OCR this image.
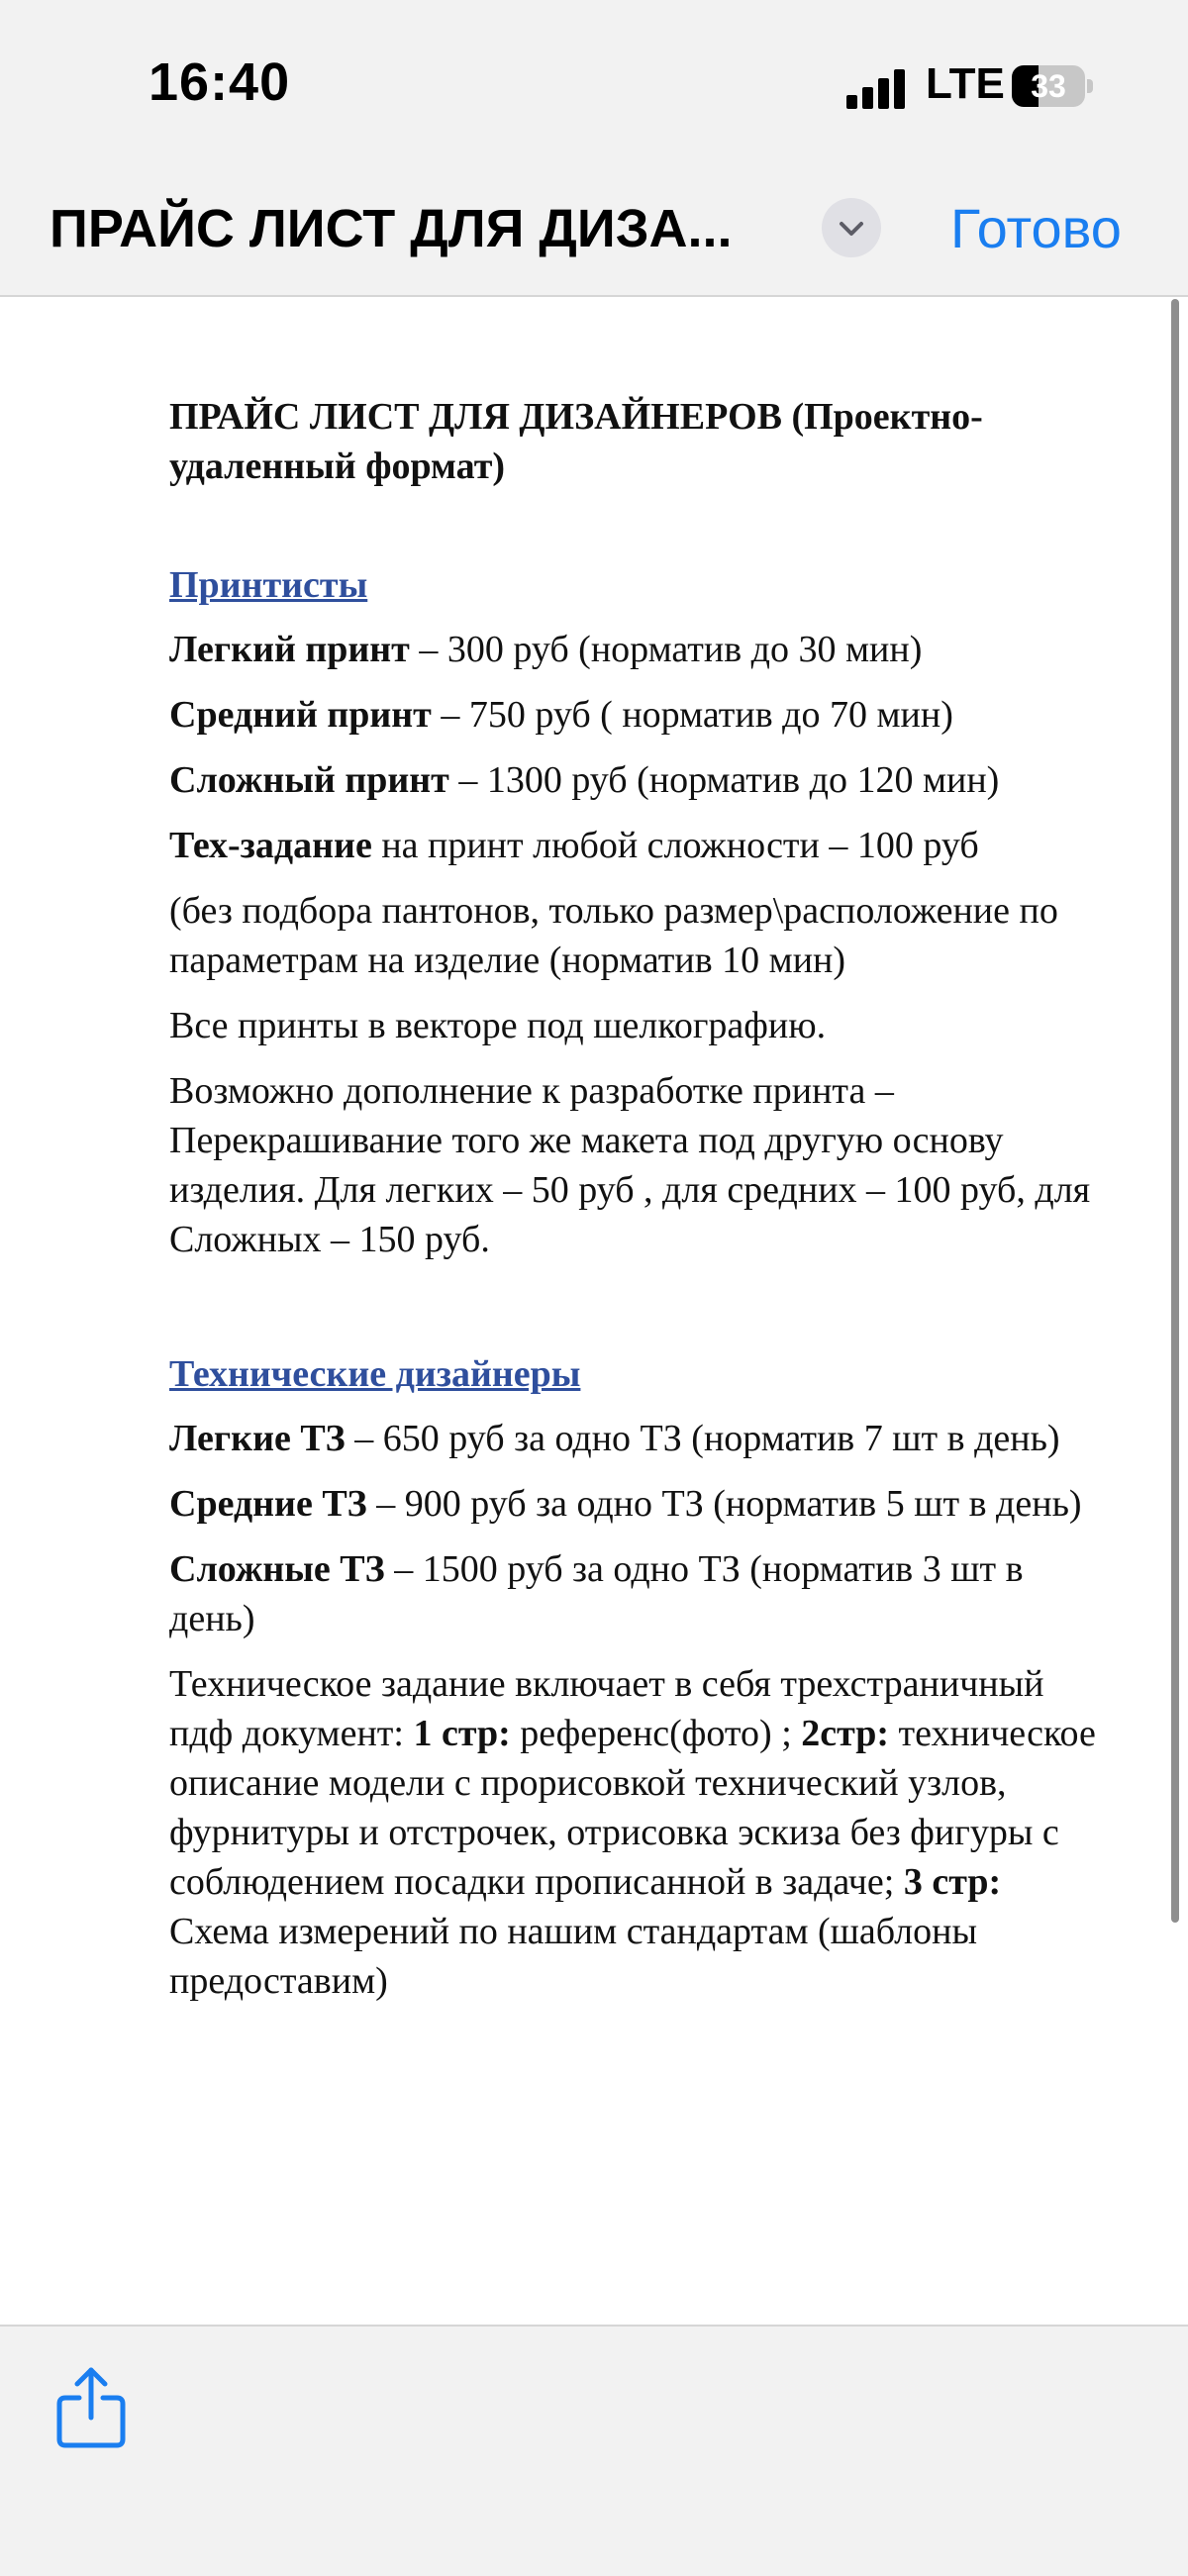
16:40	LTE 33
ПРАЙС ЛИСТ ДЛЯ ДИЗА...	Готово
ПРАЙС ЛИСТ ДЛЯ ДИЗАЙНЕРОВ (Проектно-удаленный формат)
Принтисты
Легкий принт – 300 руб (норматив до 30 мин)
Средний принт – 750 руб ( норматив до 70 мин)
Сложный принт – 1300 руб (норматив до 120 мин)
Тех-задание на принт любой сложности – 100 руб
(без подбора пантонов, только размер\расположение по параметрам на изделие (норматив 10 мин)
Все принты в векторе под шелкографию.
Возможно дополнение к разработке принта – Перекрашивание того же макета под другую основу изделия. Для легких – 50 руб , для средних – 100 руб, для Сложных – 150 руб.
Технические дизайнеры
Легкие ТЗ – 650 руб за одно ТЗ (норматив 7 шт в день)
Средние ТЗ – 900 руб за одно ТЗ (норматив 5 шт в день)
Сложные ТЗ – 1500 руб за одно ТЗ (норматив 3 шт в день)
Техническое задание включает в себя трехстраничный пдф документ: 1 стр: референс(фото) ; 2стр: техническое описание модели с прорисовкой технический узлов, фурнитуры и отстрочек, отрисовка эскиза без фигуры с соблюдением посадки прописанной в задаче; 3 стр: Схема измерений по нашим стандартам (шаблоны предоставим)
